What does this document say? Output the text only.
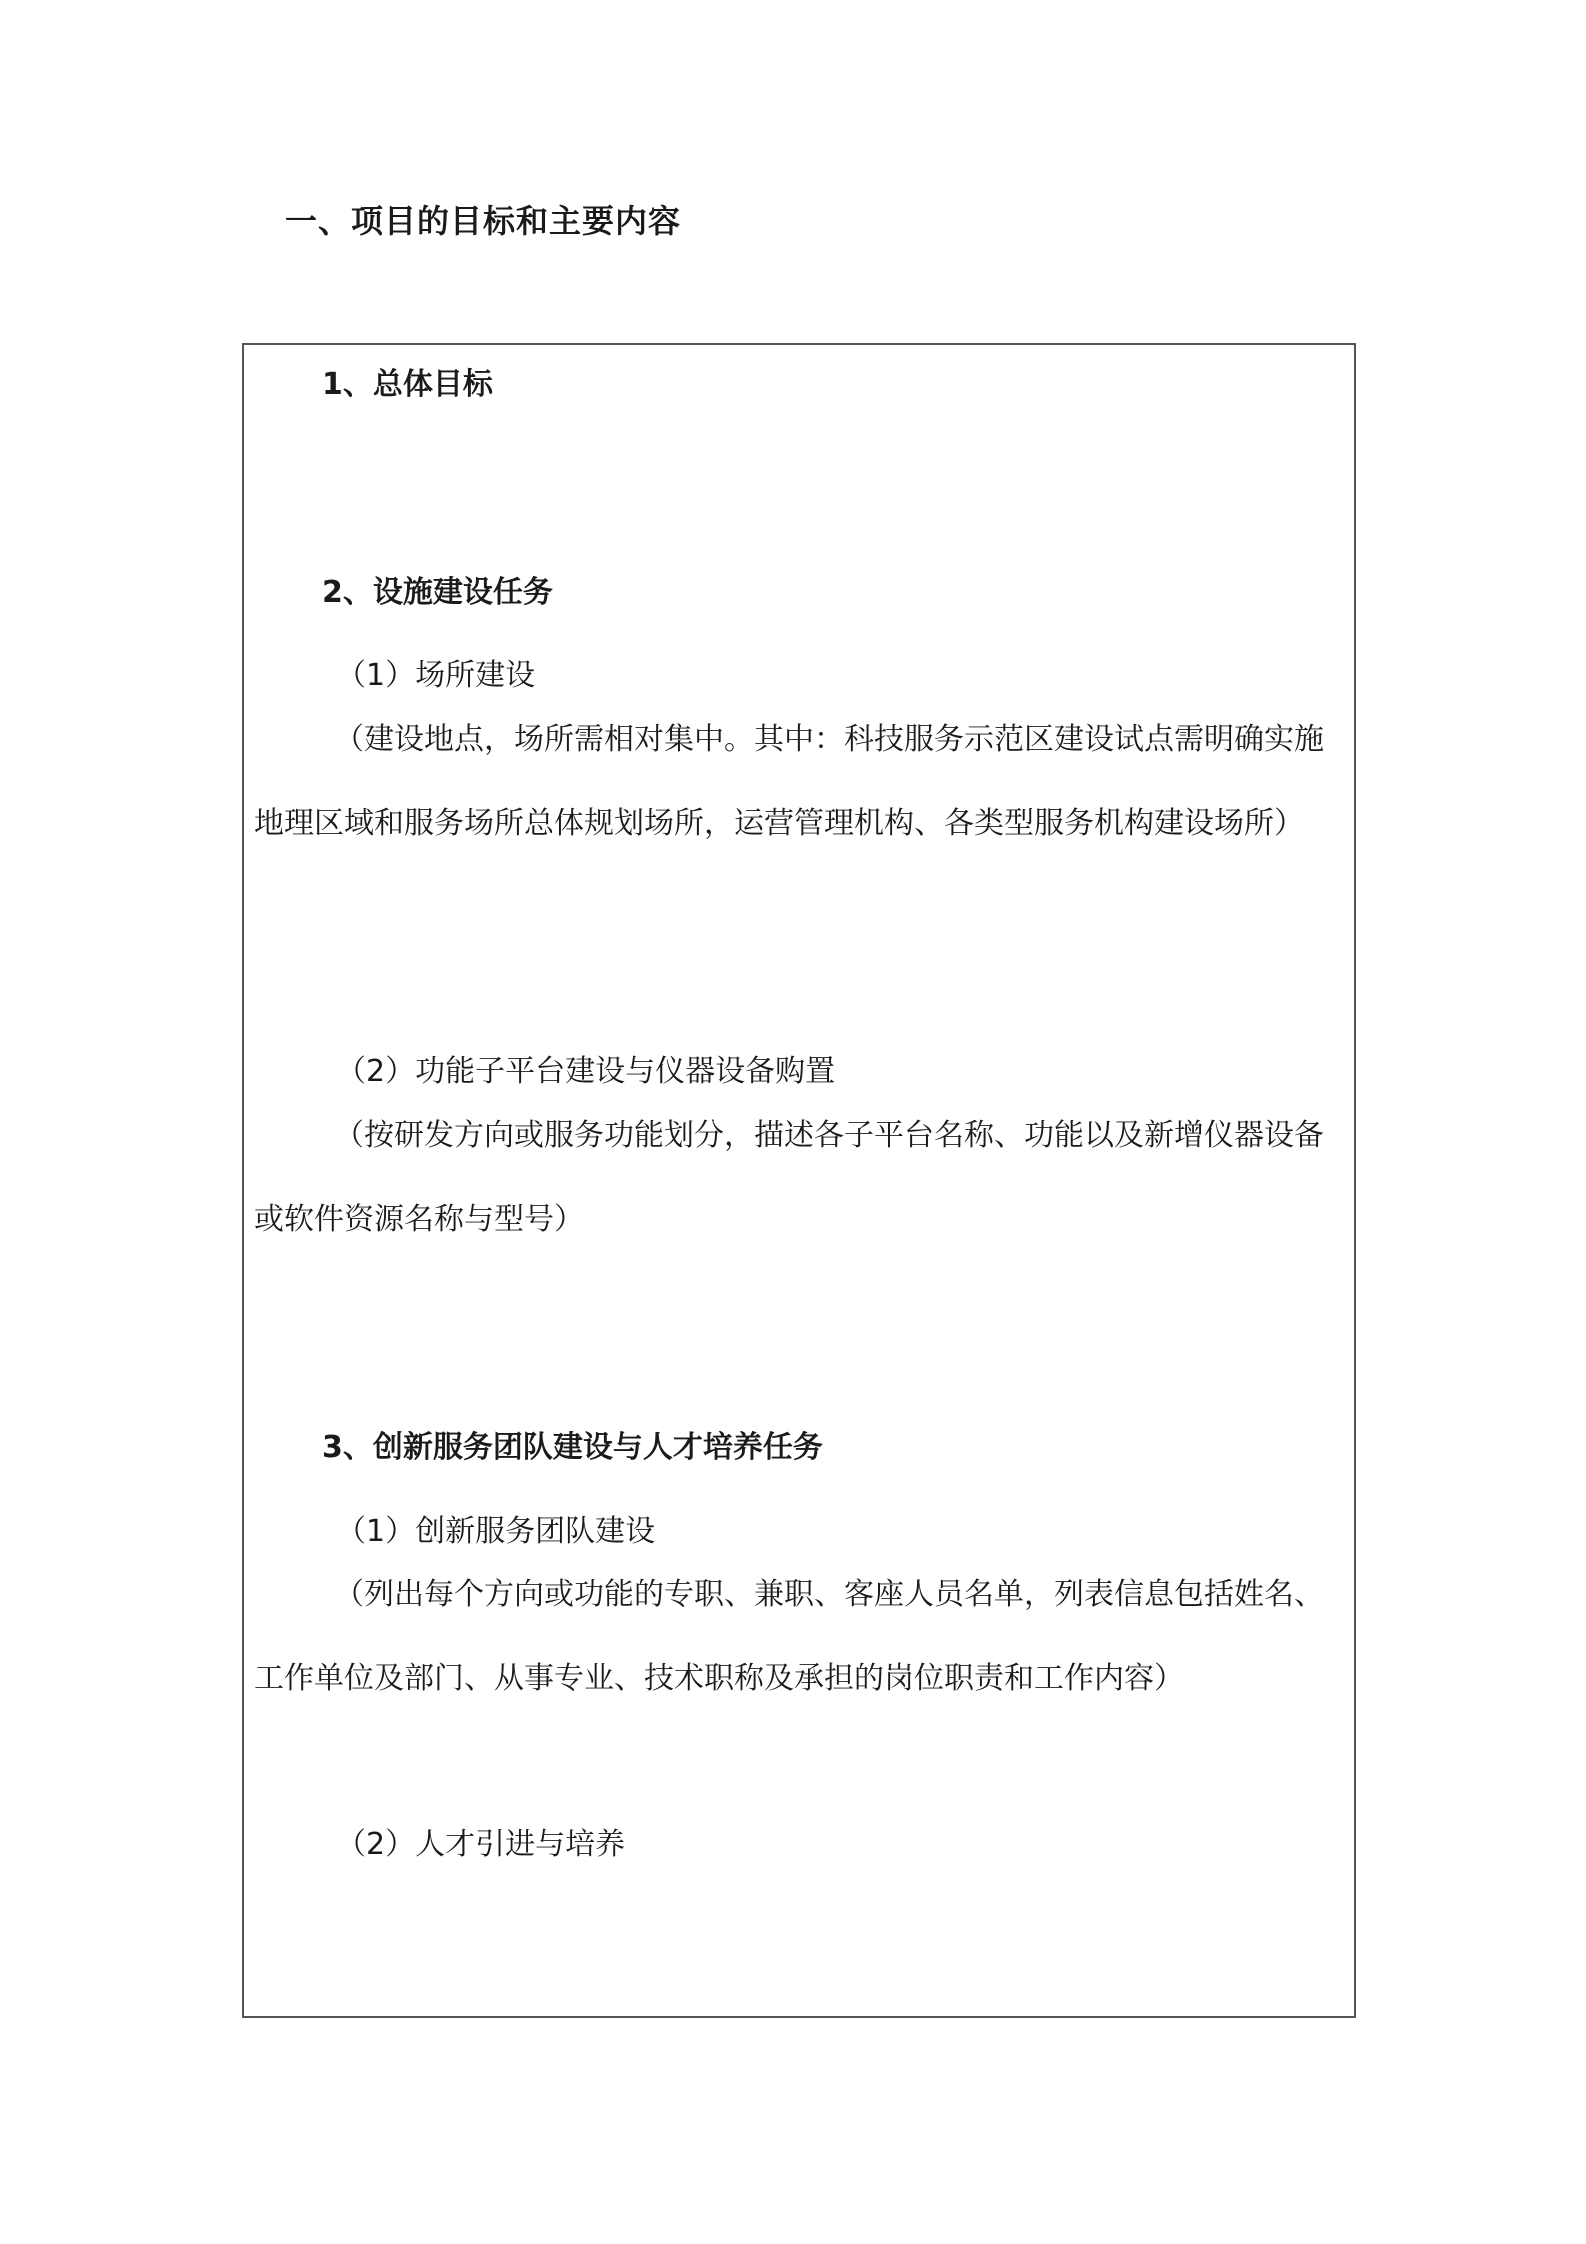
一、项目的目标和主要内容
1、总体目标
2、设施建设任务
（1）场所建设
（建设地点，场所需相对集中。其中：科技服务示范区建设试点需明确实施地理区域和服务场所总体规划场所，运营管理机构、各类型服务机构建设场所）
（2）功能子平台建设与仪器设备购置
（按研发方向或服务功能划分，描述各子平台名称、功能以及新增仪器设备或软件资源名称与型号）
3、创新服务团队建设与人才培养任务
（1）创新服务团队建设
（列出每个方向或功能的专职、兼职、客座人员名单，列表信息包括姓名、工作单位及部门、从事专业、技术职称及承担的岗位职责和工作内容）
（2）人才引进与培养
